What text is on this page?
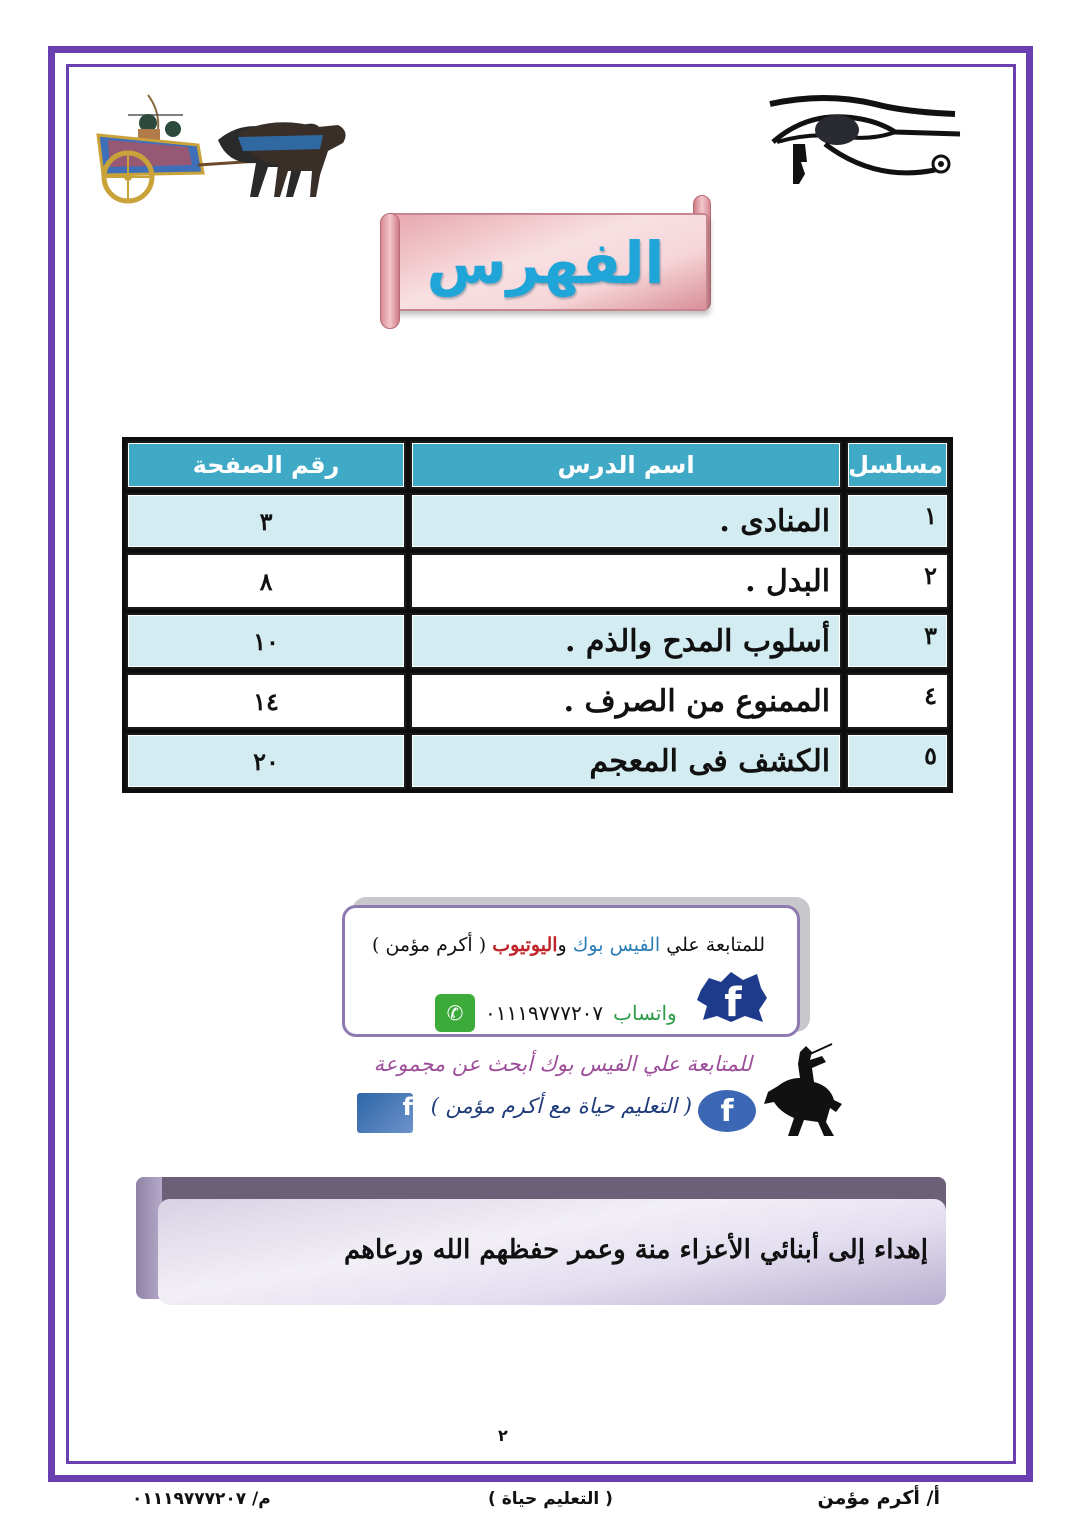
الفهرس
مسلسل	اسم الدرس	رقم الصفحة
١	المنادى .	٣
٢	البدل .	٨
٣	أسلوب المدح والذم .	١٠
٤	الممنوع من الصرف .	١٤
٥	الكشف فى المعجم	٢٠
للمتابعة علي الفيس بوك واليوتيوب ( أكرم مؤمن )
f
واتساب
٠١١١٩٧٧٧٢٠٧
✆
للمتابعة علي الفيس بوك أبحث عن مجموعة
f
( التعليم حياة مع أكرم مؤمن )
f
إهداء إلى أبنائي الأعزاء منة وعمر حفظهم الله ورعاهم
٢
أ/ أكرم مؤمن
( التعليم حياة )
م/ ٠١١١٩٧٧٧٢٠٧
